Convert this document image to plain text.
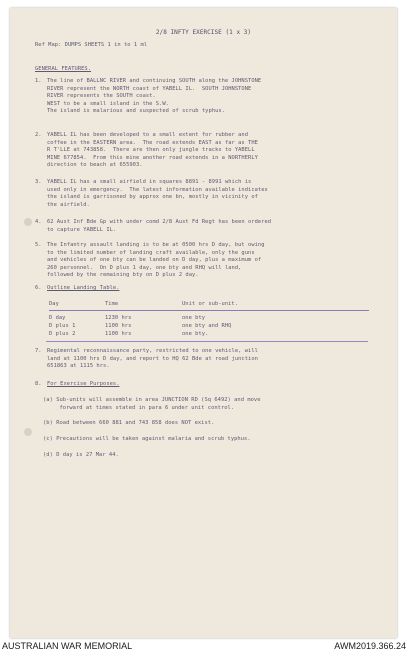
2/8 INFTY EXERCISE (1 x 3)
Ref Map: DUMPS SHEETS 1 in to 1 ml
GENERAL FEATURES.
1. The line of BALLNC RIVER and continuing SOUTH along the JOHNSTONE
RIVER represent the NORTH coast of YABELL IL.  SOUTH JOHNSTONE
RIVER represents the SOUTH coast.
WEST to be a small island in the S.W.
The island is malarious and suspected of scrub typhus.
2. YABELL IL has been developed to a small extent for rubber and
coffee in the EASTERN area.  The road extends EAST as far as THE
R T'LLE at 743858.  There are then only jungle tracks to YABELL
MINE 677854.  From this mine another road extends in a NORTHERLY
direction to beach at 655903.
3. YABELL IL has a small airfield in squares 8891 - 8991 which is
used only in emergency.  The latest information available indicates
the island is garrisoned by approx one bn, mostly in vicinity of
the airfield.
4. 62 Aust Inf Bde Gp with under comd 2/8 Aust Fd Regt has been ordered
to capture YABELL IL.
5. The Infantry assault landing is to be at 0500 hrs D day, but owing
to the limited number of landing craft available, only the guns
and vehicles of one bty can be landed on D day, plus a maximum of
260 personnel.  On D plus 1 day, one bty and RHQ will land,
followed by the remaining bty on D plus 2 day.
6. Outline Landing Table.
Day	Time	Unit or sub-unit.
D day	1230 hrs	one bty
D plus 1	1100 hrs	one bty and RHQ
D plus 2	1100 hrs	one bty.
7. Regimental reconnaissance party, restricted to one vehicle, will
land at 1100 hrs D day, and report to HQ 62 Bde at road junction
651863 at 1115 hrs.
8. For Exercise Purposes.
(a) Sub-units will assemble in area JUNCTION RD (Sq 6492) and move
forward at times stated in para 6 under unit control.
(b) Road between 660 881 and 743 858 does NOT exist.
(c) Precautions will be taken against malaria and scrub typhus.
(d) D day is 27 Mar 44.
AUSTRALIAN WAR MEMORIAL	AWM2019.366.24
